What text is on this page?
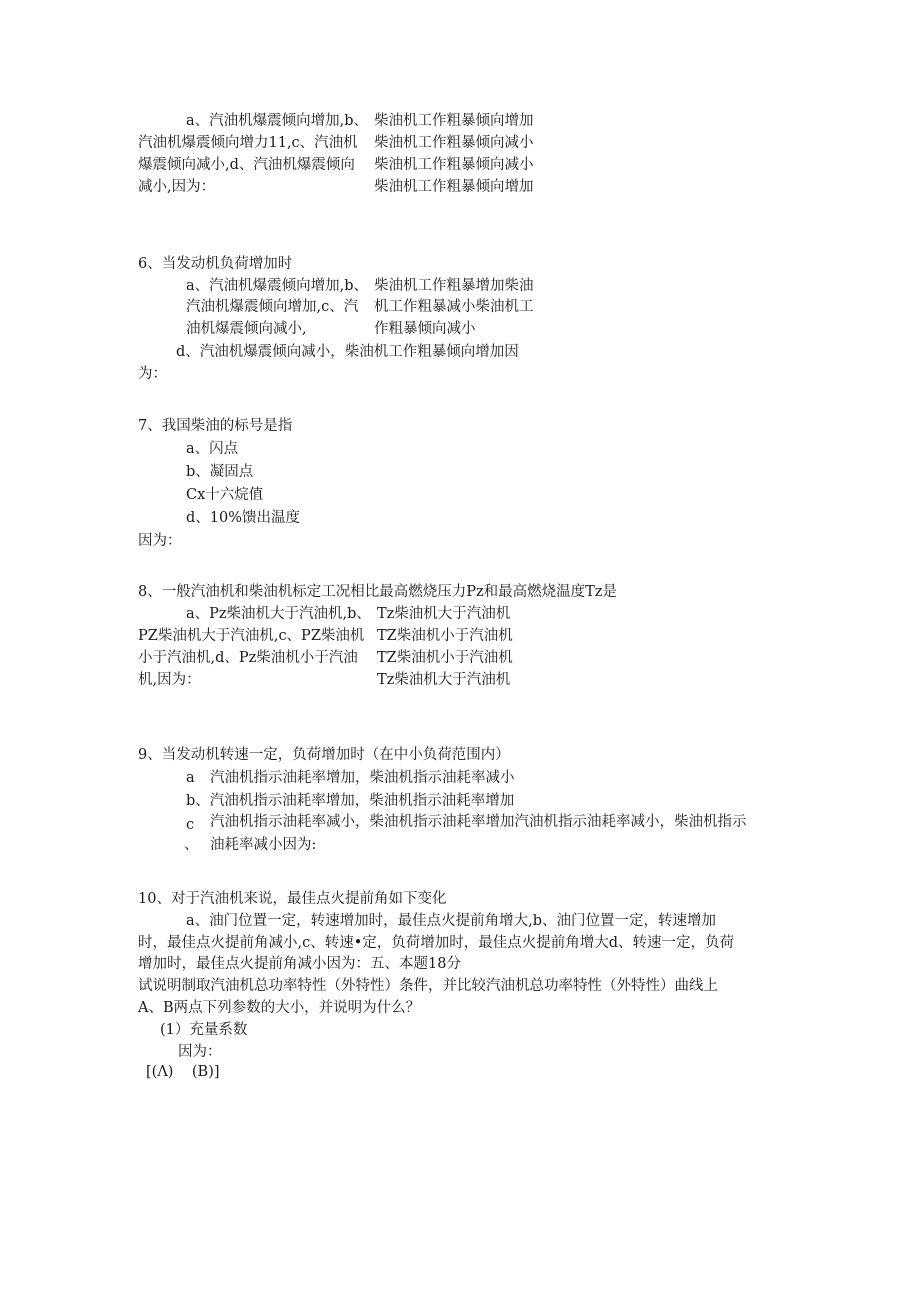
a、汽油机爆震倾向增加,b、
汽油机爆震倾向增力11,c、汽油机
爆震倾向减小,d、汽油机爆震倾向
减小,因为：
柴油机工作粗暴倾向增加
柴油机工作粗暴倾向减小
柴油机工作粗暴倾向减小
柴油机工作粗暴倾向增加
6、当发动机负荷增加时
a、汽油机爆震倾向增加,b、
汽油机爆震倾向增加,c、汽
油机爆震倾向减小,
柴油机工作粗暴增加柴油
机工作粗暴减小柴油机工
作粗暴倾向减小
d、汽油机爆震倾向减小，柴油机工作粗暴倾向增加因
为：
7、我国柴油的标号是指
a、闪点
b、凝固点
Cx十六烷值
d、10%馈出温度
因为：
8、一般汽油机和柴油机标定工况相比最高燃烧压力Pz和最高燃烧温度Tz是
a、Pz柴油机大于汽油机,b、
PZ柴油机大于汽油机,c、PZ柴油机
小于汽油机,d、Pz柴油机小于汽油
机,因为：
Tz柴油机大于汽油机
TZ柴油机小于汽油机
TZ柴油机小于汽油机
Tz柴油机大于汽油机
9、当发动机转速一定，负荷增加时（在中小负荷范围内）
a 汽油机指示油耗率增加，柴油机指示油耗率减小
b、汽油机指示油耗率增加，柴油机指示油耗率增加
c 汽油机指示油耗率减小，柴油机指示油耗率增加汽油机指示油耗率减小，柴油机指示
、 油耗率减小因为:
10、对于汽油机来说，最佳点火提前角如下变化
a、油门位置一定，转速增加时，最佳点火提前角增大,b、油门位置一定，转速增加
时，最佳点火提前角减小,c、转速•定，负荷增加时，最佳点火提前角增大d、转速一定，负荷
增加时，最佳点火提前角减小因为：五、本题18分
试说明制取汽油机总功率特性（外特性）条件，并比较汽油机总功率特性（外特性）曲线上
A、B两点下列参数的大小，并说明为什么？
(1）充量系数
因为：
[(Λ)    (B)]
